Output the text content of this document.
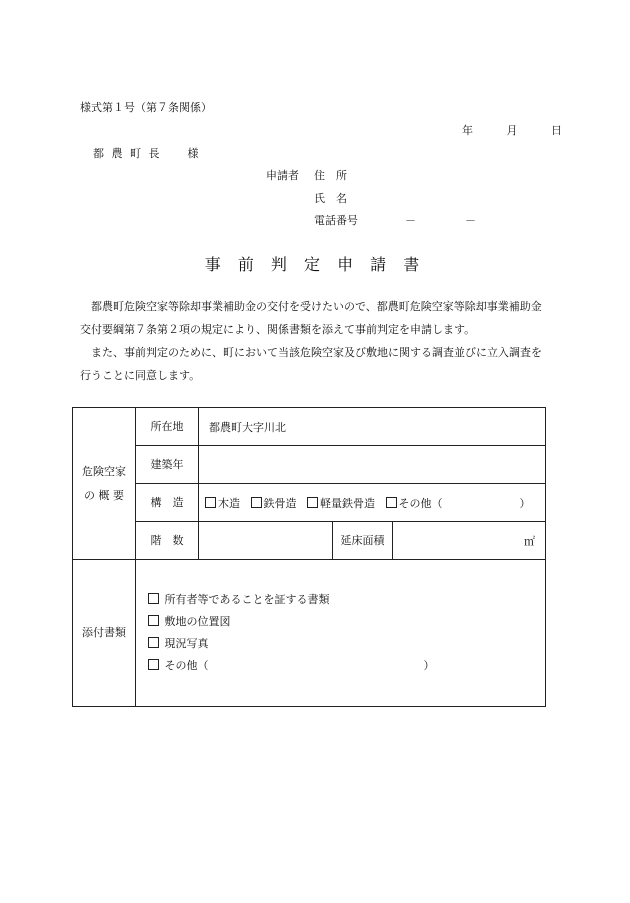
様式第１号（第７条関係）
年	月	日
都 農 町 長　　様
申請者 住　所
氏　名
電話番号	－	－
事 前 判 定 申 請 書

都農町危険空家等除却事業補助金の交付を受けたいので、都農町危険空家等除却事業補助金交付要綱第７条第２項の規定により、関係書類を添えて事前判定を申請します。

また、事前判定のために、町において当該危険空家及び敷地に関する調査並びに立入調査を行うことに同意します。

危険空家
の 概 要	所在地	都農町大字川北		
	建築年			
	構　造	木造 鉄骨造 軽量鉄骨造 その他（ ）		
	階　数		延床面積	㎡
添付書類	所有者等であることを証する書類
敷地の位置図
現況写真
その他（ ）			
